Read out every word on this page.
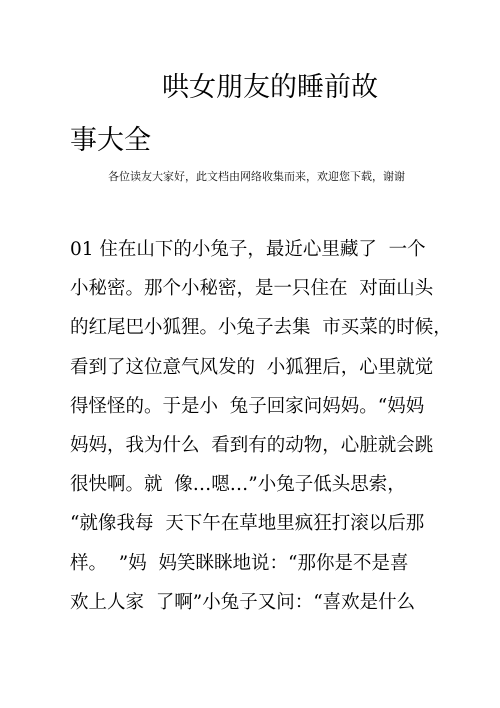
哄女朋友的睡前故
事大全
各位读友大家好，此文档由网络收集而来，欢迎您下载，谢谢
01 住在山下的小兔子，最近心里藏了  一个
小秘密。那个小秘密，是一只住在  对面山头
的红尾巴小狐狸。小兔子去集  市买菜的时候，
看到了这位意气风发的  小狐狸后，心里就觉
得怪怪的。于是小  兔子回家问妈妈。“妈妈
妈妈，我为什么  看到有的动物，心脏就会跳
很快啊。就  像…嗯…”小兔子低头思索，
“就像我每  天下午在草地里疯狂打滚以后那
样。  ”妈  妈笑眯眯地说：“那你是不是喜
欢上人家  了啊”小兔子又问：“喜欢是什么
